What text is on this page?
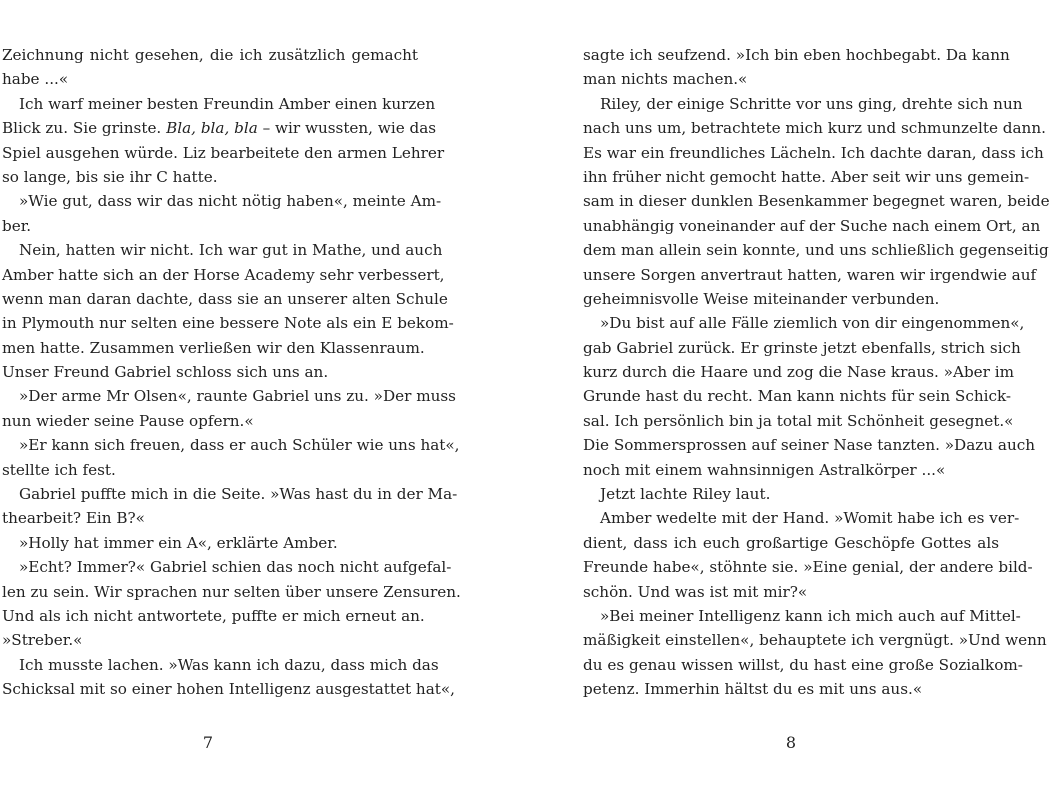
Zeichnung nicht gesehen, die ich zusätzlich gemacht
habe ...«
Ich warf meiner besten Freundin Amber einen kurzen
Blick zu. Sie grinste. Bla, bla, bla – wir wussten, wie das
Spiel ausgehen würde. Liz bearbeitete den armen Lehrer
so lange, bis sie ihr C hatte.
»Wie gut, dass wir das nicht nötig haben«, meinte Am-
ber.
Nein, hatten wir nicht. Ich war gut in Mathe, und auch
Amber hatte sich an der Horse Academy sehr verbessert,
wenn man daran dachte, dass sie an unserer alten Schule
in Plymouth nur selten eine bessere Note als ein E bekom-
men hatte. Zusammen verließen wir den Klassenraum.
Unser Freund Gabriel schloss sich uns an.
»Der arme Mr Olsen«, raunte Gabriel uns zu. »Der muss
nun wieder seine Pause opfern.«
»Er kann sich freuen, dass er auch Schüler wie uns hat«,
stellte ich fest.
Gabriel puffte mich in die Seite. »Was hast du in der Ma-
thearbeit? Ein B?«
»Holly hat immer ein A«, erklärte Amber.
»Echt? Immer?« Gabriel schien das noch nicht aufgefal-
len zu sein. Wir sprachen nur selten über unsere Zensuren.
Und als ich nicht antwortete, puffte er mich erneut an.
»Streber.«
Ich musste lachen. »Was kann ich dazu, dass mich das
Schicksal mit so einer hohen Intelligenz ausgestattet hat«,
sagte ich seufzend. »Ich bin eben hochbegabt. Da kann
man nichts machen.«
Riley, der einige Schritte vor uns ging, drehte sich nun
nach uns um, betrachtete mich kurz und schmunzelte dann.
Es war ein freundliches Lächeln. Ich dachte daran, dass ich
ihn früher nicht gemocht hatte. Aber seit wir uns gemein-
sam in dieser dunklen Besenkammer begegnet waren, beide
unabhängig voneinander auf der Suche nach einem Ort, an
dem man allein sein konnte, und uns schließlich gegenseitig
unsere Sorgen anvertraut hatten, waren wir irgendwie auf
geheimnisvolle Weise miteinander verbunden.
»Du bist auf alle Fälle ziemlich von dir eingenommen«,
gab Gabriel zurück. Er grinste jetzt ebenfalls, strich sich
kurz durch die Haare und zog die Nase kraus. »Aber im
Grunde hast du recht. Man kann nichts für sein Schick-
sal. Ich persönlich bin ja total mit Schönheit gesegnet.«
Die Sommersprossen auf seiner Nase tanzten. »Dazu auch
noch mit einem wahnsinnigen Astralkörper ...«
Jetzt lachte Riley laut.
Amber wedelte mit der Hand. »Womit habe ich es ver-
dient, dass ich euch großartige Geschöpfe Gottes als
Freunde habe«, stöhnte sie. »Eine genial, der andere bild-
schön. Und was ist mit mir?«
»Bei meiner Intelligenz kann ich mich auch auf Mittel-
mäßigkeit einstellen«, behauptete ich vergnügt. »Und wenn
du es genau wissen willst, du hast eine große Sozialkom-
petenz. Immerhin hältst du es mit uns aus.«
7	8
